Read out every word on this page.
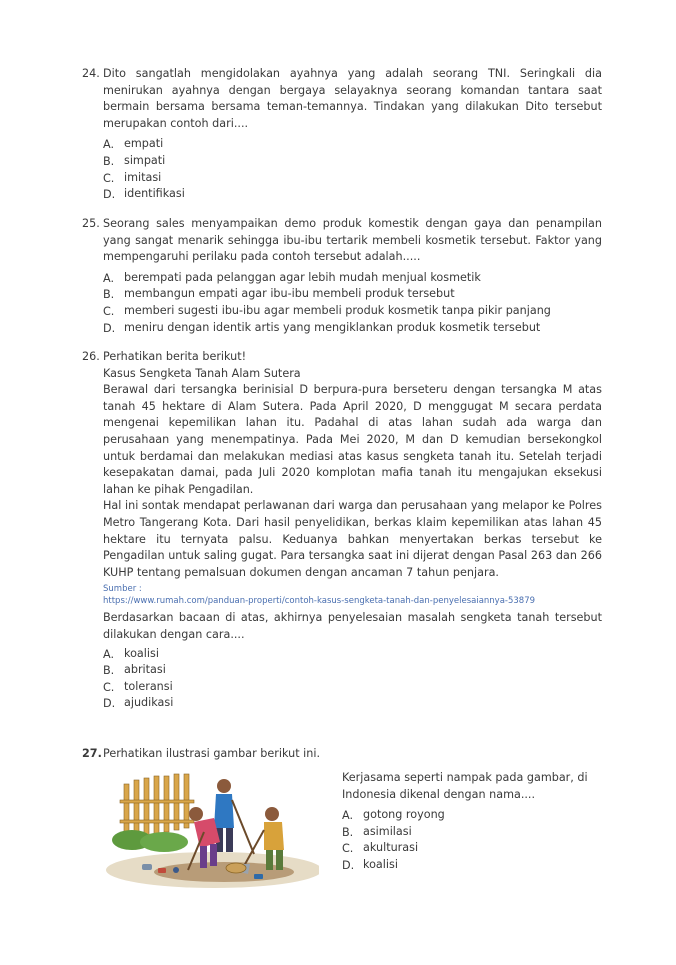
24. Dito sangatlah mengidolakan ayahnya yang adalah seorang TNI. Seringkali dia menirukan ayahnya dengan bergaya selayaknya seorang komandan tantara saat bermain bersama bersama teman-temannya. Tindakan yang dilakukan Dito tersebut merupakan contoh dari....

A. empati
B. simpati
C. imitasi
D. identifikasi
25. Seorang sales menyampaikan demo produk komestik dengan gaya dan penampilan yang sangat menarik sehingga ibu-ibu tertarik membeli kosmetik tersebut. Faktor yang mempengaruhi perilaku pada contoh tersebut adalah.....

A. berempati pada pelanggan agar lebih mudah menjual kosmetik
B. membangun empati agar ibu-ibu membeli produk tersebut
C. memberi sugesti ibu-ibu agar membeli produk kosmetik tanpa pikir panjang
D. meniru dengan identik artis yang mengiklankan produk kosmetik tersebut
26. Perhatikan berita berikut!

Kasus Sengketa Tanah Alam Sutera

Berawal dari tersangka berinisial D berpura-pura berseteru dengan tersangka M atas tanah 45 hektare di Alam Sutera. Pada April 2020, D menggugat M secara perdata mengenai kepemilikan lahan itu. Padahal di atas lahan sudah ada warga dan perusahaan yang menempatinya. Pada Mei 2020, M dan D kemudian bersekongkol untuk berdamai dan melakukan mediasi atas kasus sengketa tanah itu. Setelah terjadi kesepakatan damai, pada Juli 2020 komplotan mafia tanah itu mengajukan eksekusi lahan ke pihak Pengadilan.

Hal ini sontak mendapat perlawanan dari warga dan perusahaan yang melapor ke Polres Metro Tangerang Kota. Dari hasil penyelidikan, berkas klaim kepemilikan atas lahan 45 hektare itu ternyata palsu. Keduanya bahkan menyertakan berkas tersebut ke Pengadilan untuk saling gugat. Para tersangka saat ini dijerat dengan Pasal 263 dan 266 KUHP tentang pemalsuan dokumen dengan ancaman 7 tahun penjara.

Sumber :
https://www.rumah.com/panduan-properti/contoh-kasus-sengketa-tanah-dan-penyelesaiannya-53879

Berdasarkan bacaan di atas, akhirnya penyelesaian masalah sengketa tanah tersebut dilakukan dengan cara....

A. koalisi
B. abritasi
C. toleransi
D. ajudikasi
27. Perhatikan ilustrasi gambar berikut ini.

Kerjasama seperti nampak pada gambar, di Indonesia dikenal dengan nama....

A. gotong royong
B. asimilasi
C. akulturasi
D. koalisi
